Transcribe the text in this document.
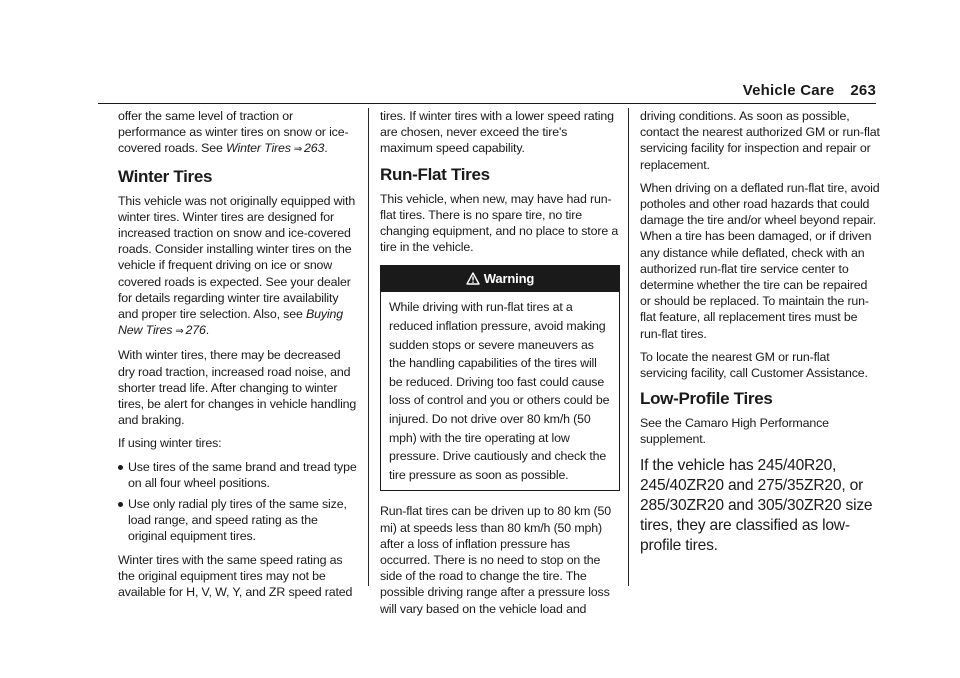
Vehicle Care 263

offer the same level of traction or performance as winter tires on snow or ice-covered roads. See Winter Tires ⇒ 263.

Winter Tires

This vehicle was not originally equipped with winter tires. Winter tires are designed for increased traction on snow and ice-covered roads. Consider installing winter tires on the vehicle if frequent driving on ice or snow covered roads is expected. See your dealer for details regarding winter tire availability and proper tire selection. Also, see Buying New Tires ⇒ 276.

With winter tires, there may be decreased dry road traction, increased road noise, and shorter tread life. After changing to winter tires, be alert for changes in vehicle handling and braking.

If using winter tires:

Use tires of the same brand and tread type on all four wheel positions.
Use only radial ply tires of the same size, load range, and speed rating as the original equipment tires.

Winter tires with the same speed rating as the original equipment tires may not be available for H, V, W, Y, and ZR speed rated

tires. If winter tires with a lower speed rating are chosen, never exceed the tire's maximum speed capability.

Run-Flat Tires

This vehicle, when new, may have had run-flat tires. There is no spare tire, no tire changing equipment, and no place to store a tire in the vehicle.

Warning
While driving with run-flat tires at a reduced inflation pressure, avoid making sudden stops or severe maneuvers as the handling capabilities of the tires will be reduced. Driving too fast could cause loss of control and you or others could be injured. Do not drive over 80 km/h (50 mph) with the tire operating at low pressure. Drive cautiously and check the tire pressure as soon as possible.

Run-flat tires can be driven up to 80 km (50 mi) at speeds less than 80 km/h (50 mph) after a loss of inflation pressure has occurred. There is no need to stop on the side of the road to change the tire. The possible driving range after a pressure loss will vary based on the vehicle load and

driving conditions. As soon as possible, contact the nearest authorized GM or run-flat servicing facility for inspection and repair or replacement.

When driving on a deflated run-flat tire, avoid potholes and other road hazards that could damage the tire and/or wheel beyond repair. When a tire has been damaged, or if driven any distance while deflated, check with an authorized run-flat tire service center to determine whether the tire can be repaired or should be replaced. To maintain the run-flat feature, all replacement tires must be run-flat tires.

To locate the nearest GM or run-flat servicing facility, call Customer Assistance.

Low-Profile Tires

See the Camaro High Performance supplement.

If the vehicle has 245/40R20, 245/40ZR20 and 275/35ZR20, or 285/30ZR20 and 305/30ZR20 size tires, they are classified as low-profile tires.
